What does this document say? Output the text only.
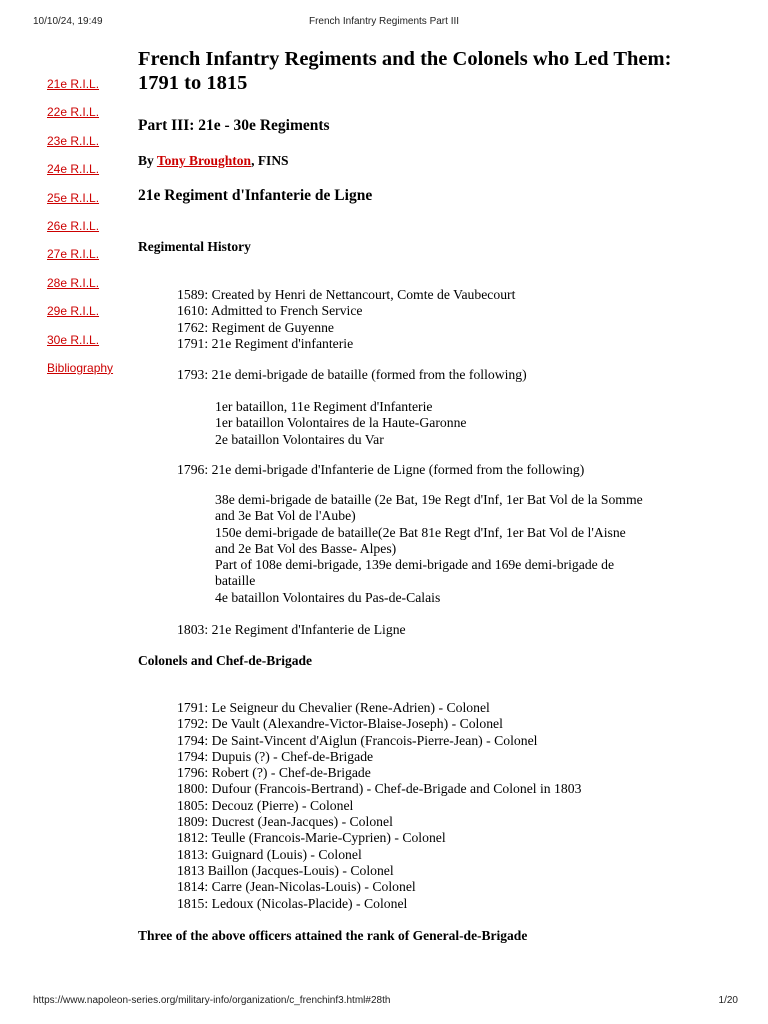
10/10/24, 19:49	French Infantry Regiments Part III
21e R.I.L.
22e R.I.L.
23e R.I.L.
24e R.I.L.
25e R.I.L.
26e R.I.L.
27e R.I.L.
28e R.I.L.
29e R.I.L.
30e R.I.L.
Bibliography
French Infantry Regiments and the Colonels who Led Them: 1791 to 1815
Part III: 21e - 30e Regiments
By Tony Broughton, FINS
21e Regiment d'Infanterie de Ligne
Regimental History
1589: Created by Henri de Nettancourt, Comte de Vaubecourt
1610: Admitted to French Service
1762: Regiment de Guyenne
1791: 21e Regiment d'infanterie
1793: 21e demi-brigade de bataille (formed from the following)
1er bataillon, 11e Regiment d'Infanterie
1er bataillon Volontaires de la Haute-Garonne
2e bataillon Volontaires du Var
1796: 21e demi-brigade d'Infanterie de Ligne (formed from the following)
38e demi-brigade de bataille (2e Bat, 19e Regt d'Inf, 1er Bat Vol de la Somme and 3e Bat Vol de l'Aube)
150e demi-brigade de bataille(2e Bat 81e Regt d'Inf, 1er Bat Vol de l'Aisne and 2e Bat Vol des Basse- Alpes)
Part of 108e demi-brigade, 139e demi-brigade and 169e demi-brigade de bataille
4e bataillon Volontaires du Pas-de-Calais
1803: 21e Regiment d'Infanterie de Ligne
Colonels and Chef-de-Brigade
1791: Le Seigneur du Chevalier (Rene-Adrien) - Colonel
1792: De Vault (Alexandre-Victor-Blaise-Joseph) - Colonel
1794: De Saint-Vincent d'Aiglun (Francois-Pierre-Jean) - Colonel
1794: Dupuis (?) - Chef-de-Brigade
1796: Robert (?) - Chef-de-Brigade
1800: Dufour (Francois-Bertrand) - Chef-de-Brigade and Colonel in 1803
1805: Decouz (Pierre) - Colonel
1809: Ducrest (Jean-Jacques) - Colonel
1812: Teulle (Francois-Marie-Cyprien) - Colonel
1813: Guignard (Louis) - Colonel
1813 Baillon (Jacques-Louis) - Colonel
1814: Carre (Jean-Nicolas-Louis) - Colonel
1815: Ledoux (Nicolas-Placide) - Colonel
Three of the above officers attained the rank of General-de-Brigade
https://www.napoleon-series.org/military-info/organization/c_frenchinf3.html#28th	1/20
